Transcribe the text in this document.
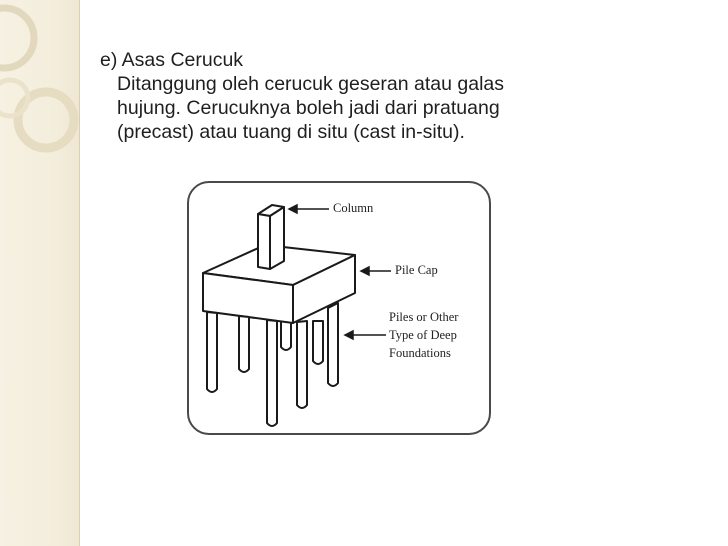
e) Asas Cerucuk
Ditanggung oleh cerucuk geseran atau galas
hujung. Cerucuknya boleh jadi dari pratuang
(precast) atau tuang di situ (cast in-situ).
Column
Pile Cap
Piles or Other
Type of Deep
Foundations
